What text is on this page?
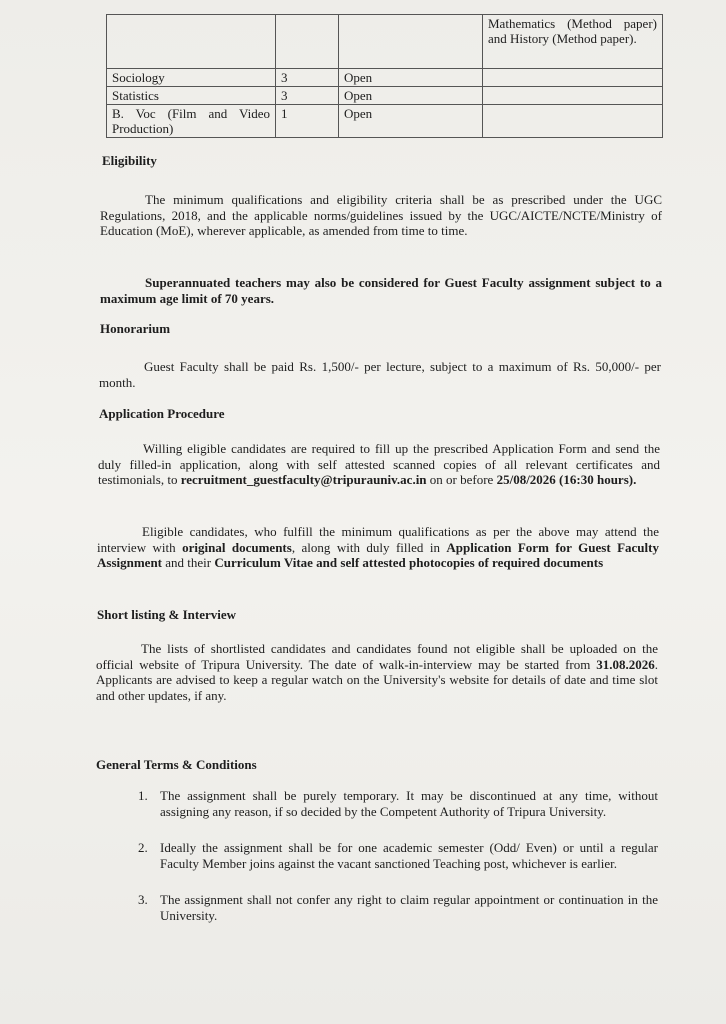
			Mathematics (Method paper) and History (Method paper).
Sociology	3	Open	
Statistics	3	Open	
B. Voc (Film and Video Production)	1	Open	
Eligibility
The minimum qualifications and eligibility criteria shall be as prescribed under the UGC Regulations, 2018, and the applicable norms/guidelines issued by the UGC/AICTE/NCTE/Ministry of Education (MoE), wherever applicable, as amended from time to time.
Superannuated teachers may also be considered for Guest Faculty assignment subject to a maximum age limit of 70 years.
Honorarium
Guest Faculty shall be paid Rs. 1,500/- per lecture, subject to a maximum of Rs. 50,000/- per month.
Application Procedure
Willing eligible candidates are required to fill up the prescribed Application Form and send the duly filled-in application, along with self attested scanned copies of all relevant certificates and testimonials, to recruitment_guestfaculty@tripurauniv.ac.in on or before 25/08/2026 (16:30 hours).
Eligible candidates, who fulfill the minimum qualifications as per the above may attend the interview with original documents, along with duly filled in Application Form for Guest Faculty Assignment and their Curriculum Vitae and self attested photocopies of required documents
Short listing & Interview
The lists of shortlisted candidates and candidates found not eligible shall be uploaded on the official website of Tripura University. The date of walk-in-interview may be started from 31.08.2026. Applicants are advised to keep a regular watch on the University's website for details of date and time slot and other updates, if any.
General Terms & Conditions
1. The assignment shall be purely temporary. It may be discontinued at any time, without assigning any reason, if so decided by the Competent Authority of Tripura University.
2. Ideally the assignment shall be for one academic semester (Odd/ Even) or until a regular Faculty Member joins against the vacant sanctioned Teaching post, whichever is earlier.
3. The assignment shall not confer any right to claim regular appointment or continuation in the University.
